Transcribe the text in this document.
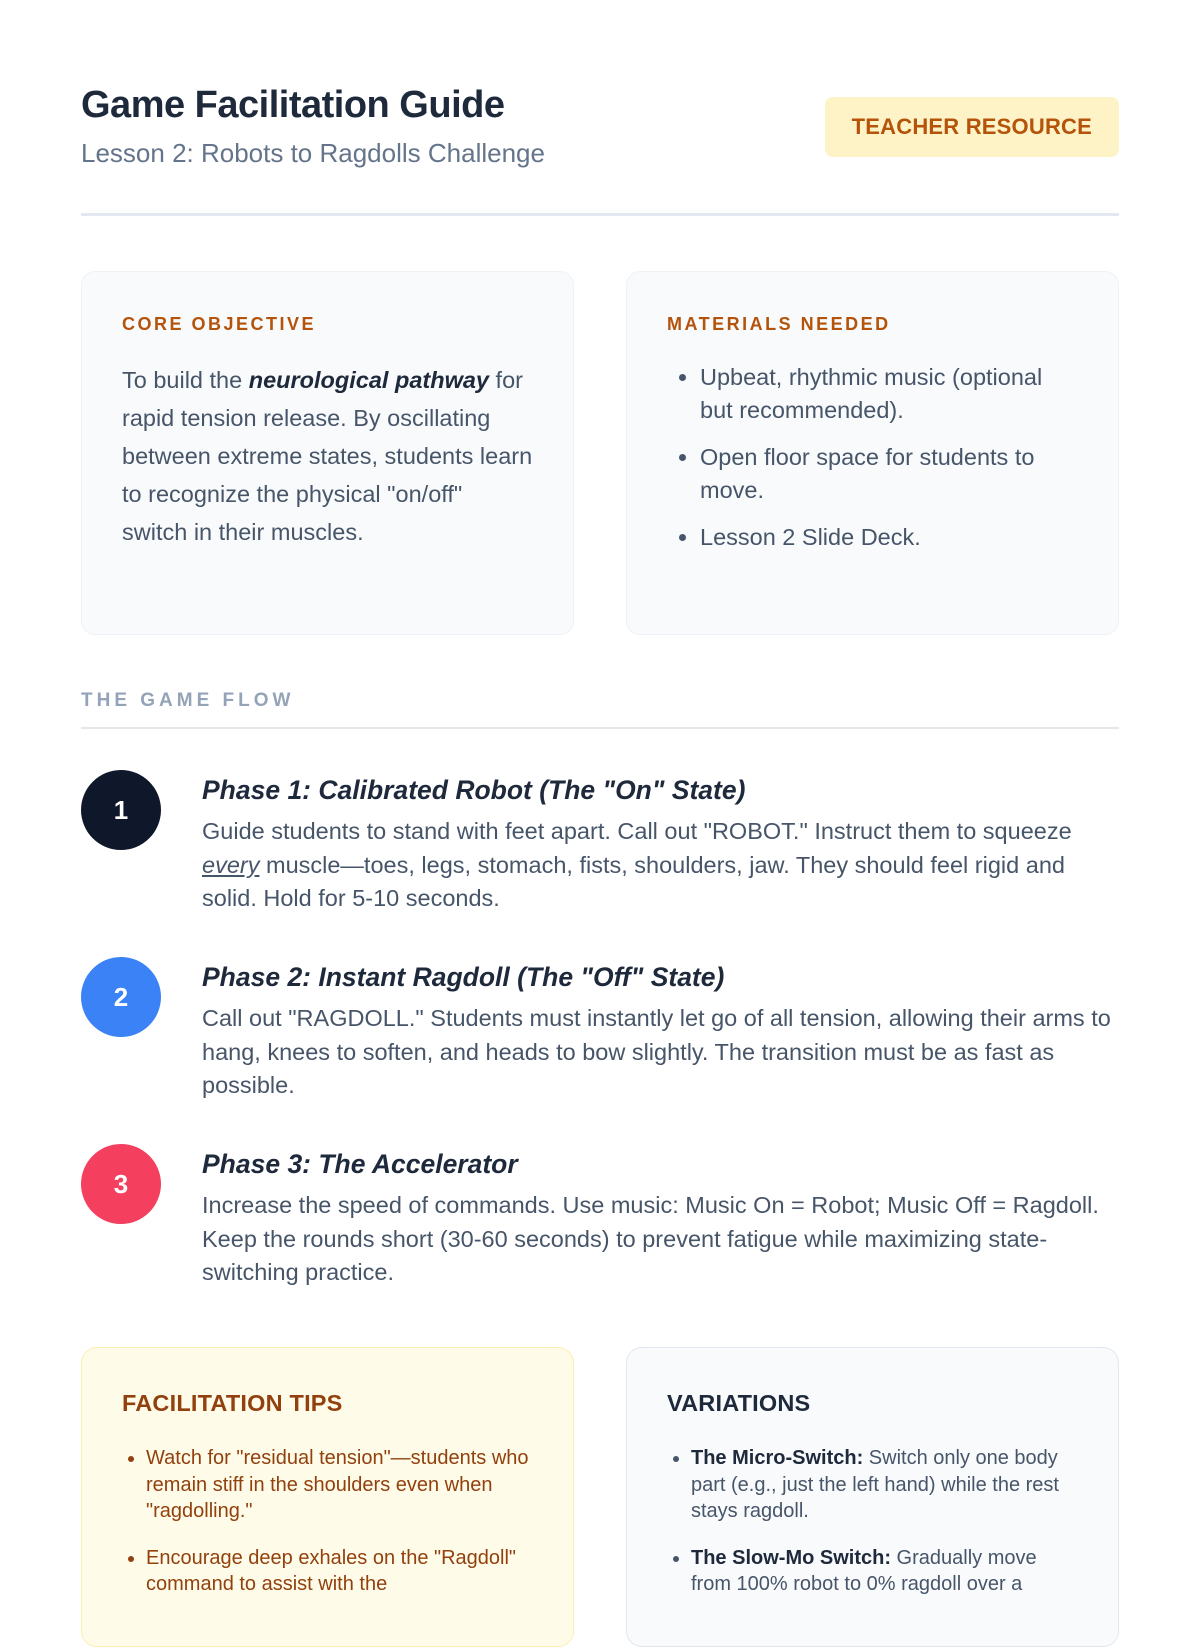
Game Facilitation Guide
Lesson 2: Robots to Ragdolls Challenge
TEACHER RESOURCE
CORE OBJECTIVE

To build the neurological pathway for rapid tension release. By oscillating between extreme states, students learn to recognize the physical "on/off" switch in their muscles.

MATERIALS NEEDED
• Upbeat, rhythmic music (optional but recommended).
• Open floor space for students to move.
• Lesson 2 Slide Deck.
THE GAME FLOW
1
Phase 1: Calibrated Robot (The "On" State)

Guide students to stand with feet apart. Call out "ROBOT." Instruct them to squeeze every muscle—toes, legs, stomach, fists, shoulders, jaw. They should feel rigid and solid. Hold for 5-10 seconds.

2
Phase 2: Instant Ragdoll (The "Off" State)

Call out "RAGDOLL." Students must instantly let go of all tension, allowing their arms to hang, knees to soften, and heads to bow slightly. The transition must be as fast as possible.

3
Phase 3: The Accelerator

Increase the speed of commands. Use music: Music On = Robot; Music Off = Ragdoll. Keep the rounds short (30-60 seconds) to prevent fatigue while maximizing state-switching practice.

FACILITATION TIPS
• Watch for "residual tension"—students who remain stiff in the shoulders even when "ragdolling."
• Encourage deep exhales on the "Ragdoll" command to assist with the
VARIATIONS
• The Micro-Switch: Switch only one body part (e.g., just the left hand) while the rest stays ragdoll.
• The Slow-Mo Switch: Gradually move from 100% robot to 0% ragdoll over a
